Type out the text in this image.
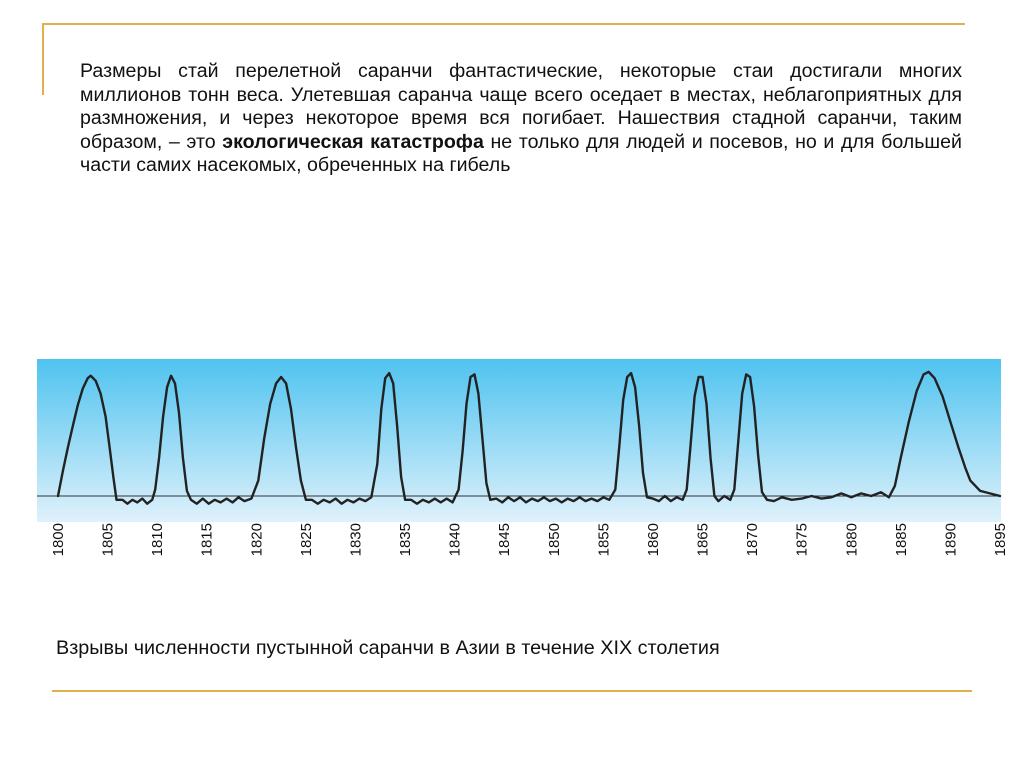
Размеры стай перелетной саранчи фантастические, некоторые стаи достигали многих миллионов тонн веса. Улетевшая саранча чаще всего оседает в местах, неблагоприятных для размножения, и через некоторое время вся погибает. Нашествия стадной саранчи, таким образом, – это экологическая катастрофа не только для людей и посевов, но и для большей части самих насекомых, обреченных на гибель

1800 1805 1810 1815 1820 1825 1830 1835 1840 1845 1850 1855 1860 1865 1870 1875 1880 1885 1890 1895

Взрывы численности пустынной саранчи в Азии в течение XIX столетия
